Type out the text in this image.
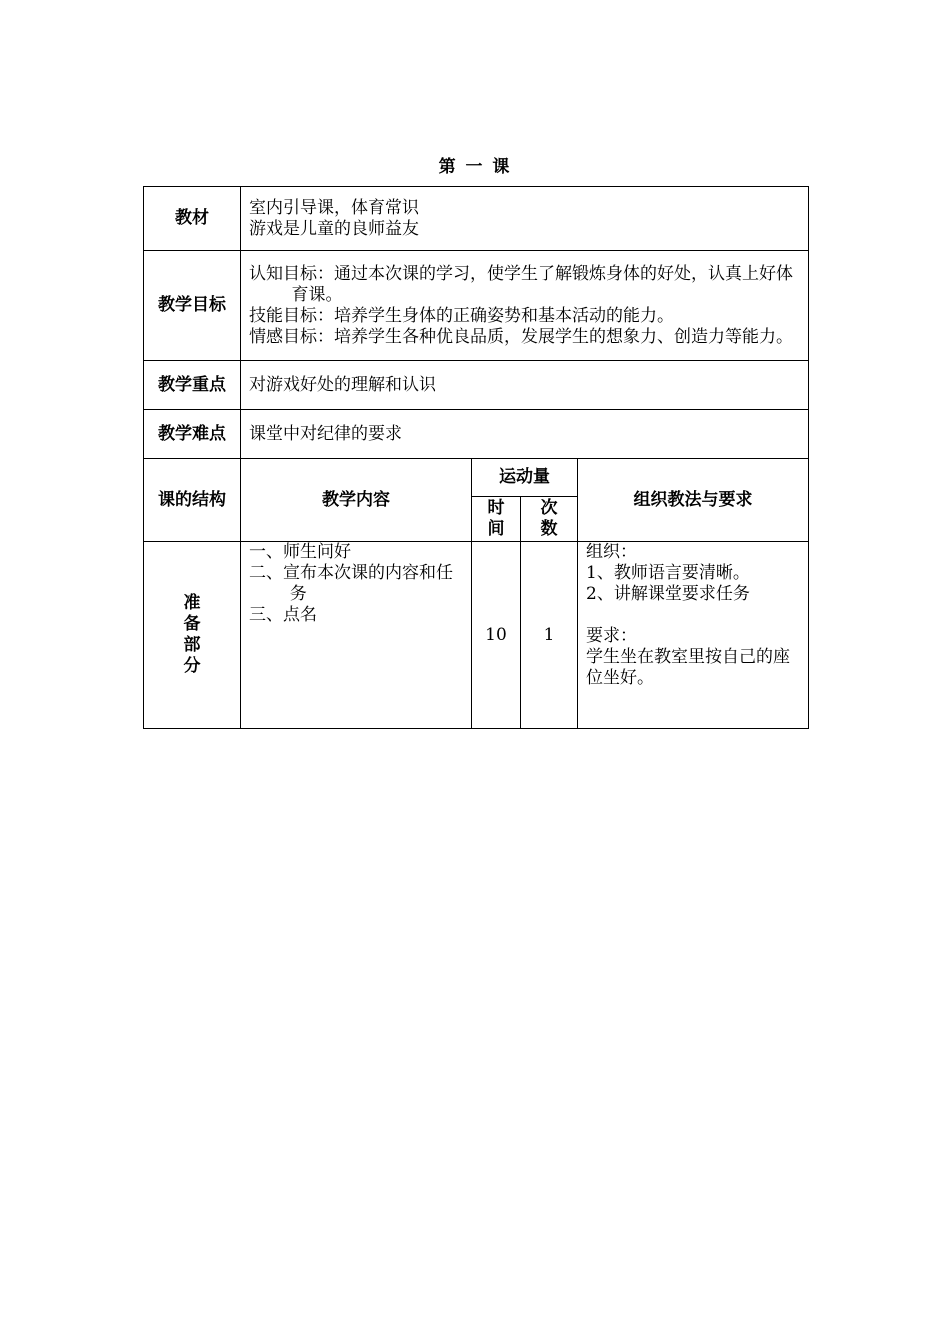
第 一 课
教材	室内引导课，体育常识
游戏是儿童的良师益友			

教学目标	认知目标：通过本次课的学习，使学生了解锻炼身体的好处，认真上好体育课。
技能目标：培养学生身体的正确姿势和基本活动的能力。
情感目标：培养学生各种优良品质，发展学生的想象力、创造力等能力。			

教学重点	对游戏好处的理解和认识			
教学难点	课堂中对纪律的要求			
课的结构	教学内容	运动量		组织教法与要求

		时间	次数	

准备部分	一、师生问好
二、宣布本次课的内容和任务
三、点名	10	1	组织：
1、教师语言要清晰。
2、讲解课堂要求任务
要求：
学生坐在教室里按自己的座位坐好。
